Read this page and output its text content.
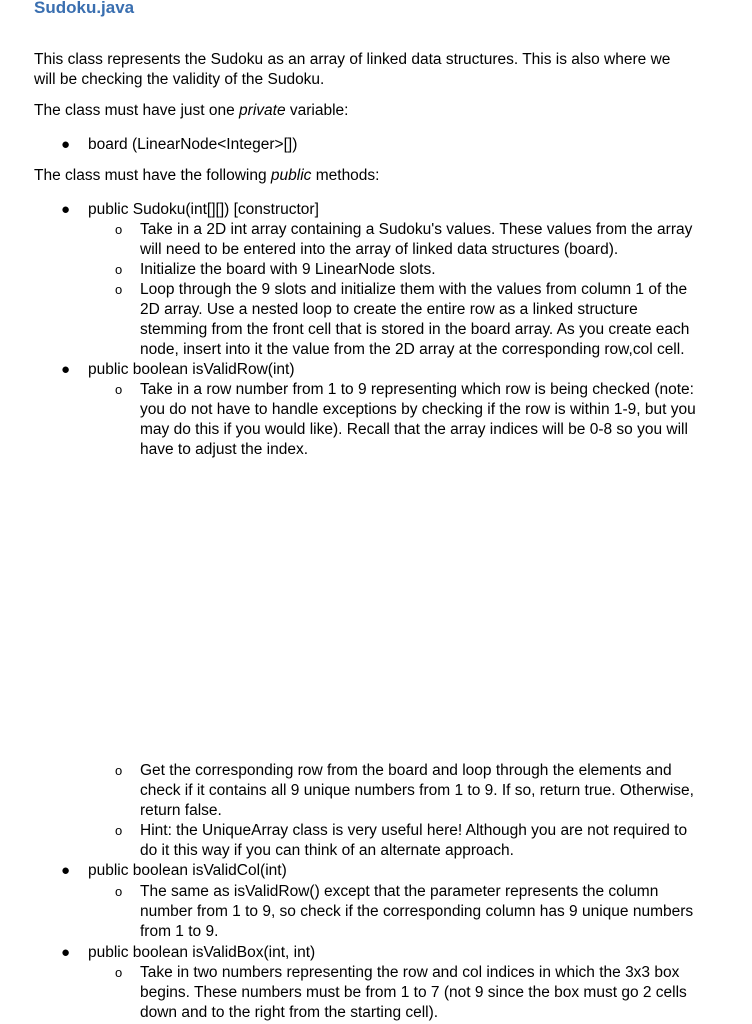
Sudoku.java
This class represents the Sudoku as an array of linked data structures. This is also where we
will be checking the validity of the Sudoku.
The class must have just one private variable:
● board (LinearNode<Integer>[])
The class must have the following public methods:
● public Sudoku(int[][]) [constructor]
o Take in a 2D int array containing a Sudoku's values. These values from the array
will need to be entered into the array of linked data structures (board).
o Initialize the board with 9 LinearNode slots.
o Loop through the 9 slots and initialize them with the values from column 1 of the
2D array. Use a nested loop to create the entire row as a linked structure
stemming from the front cell that is stored in the board array. As you create each
node, insert into it the value from the 2D array at the corresponding row,col cell.
● public boolean isValidRow(int)
o Take in a row number from 1 to 9 representing which row is being checked (note:
you do not have to handle exceptions by checking if the row is within 1-9, but you
may do this if you would like). Recall that the array indices will be 0-8 so you will
have to adjust the index.
o Get the corresponding row from the board and loop through the elements and
check if it contains all 9 unique numbers from 1 to 9. If so, return true. Otherwise,
return false.
o Hint: the UniqueArray class is very useful here! Although you are not required to
do it this way if you can think of an alternate approach.
● public boolean isValidCol(int)
o The same as isValidRow() except that the parameter represents the column
number from 1 to 9, so check if the corresponding column has 9 unique numbers
from 1 to 9.
● public boolean isValidBox(int, int)
o Take in two numbers representing the row and col indices in which the 3x3 box
begins. These numbers must be from 1 to 7 (not 9 since the box must go 2 cells
down and to the right from the starting cell).
